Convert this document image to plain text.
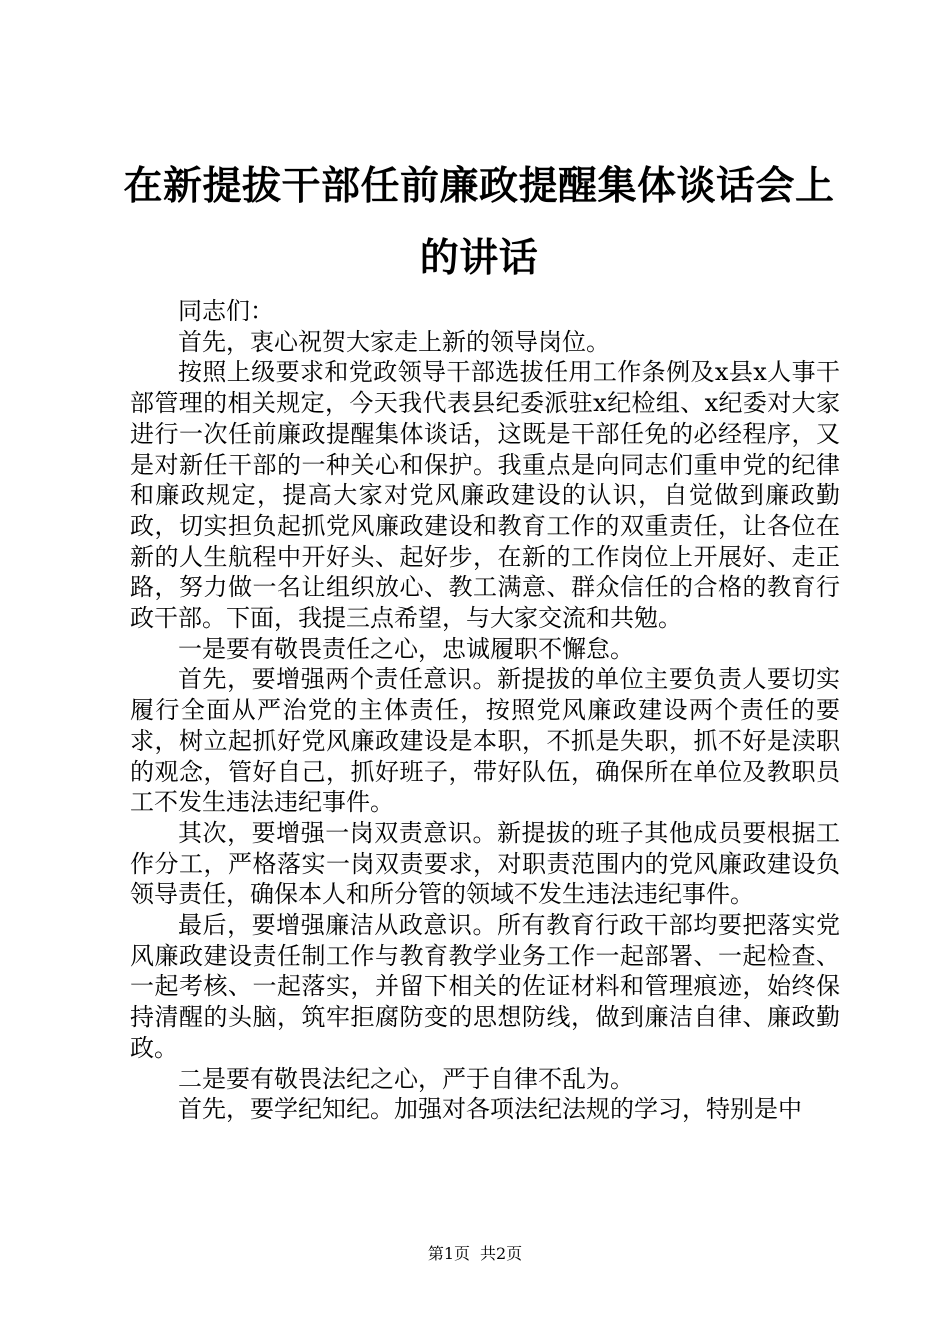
在新提拔干部任前廉政提醒集体谈话会上的讲话

同志们：

首先，衷心祝贺大家走上新的领导岗位。

按照上级要求和党政领导干部选拔任用工作条例及x县x人事干部管理的相关规定，今天我代表县纪委派驻x纪检组、x纪委对大家进行一次任前廉政提醒集体谈话，这既是干部任免的必经程序，又是对新任干部的一种关心和保护。我重点是向同志们重申党的纪律和廉政规定，提高大家对党风廉政建设的认识，自觉做到廉政勤政，切实担负起抓党风廉政建设和教育工作的双重责任，让各位在新的人生航程中开好头、起好步，在新的工作岗位上开展好、走正路，努力做一名让组织放心、教工满意、群众信任的合格的教育行政干部。下面，我提三点希望，与大家交流和共勉。

一是要有敬畏责任之心，忠诚履职不懈怠。

首先，要增强两个责任意识。新提拔的单位主要负责人要切实履行全面从严治党的主体责任，按照党风廉政建设两个责任的要求，树立起抓好党风廉政建设是本职，不抓是失职，抓不好是渎职的观念，管好自己，抓好班子，带好队伍，确保所在单位及教职员工不发生违法违纪事件。

其次，要增强一岗双责意识。新提拔的班子其他成员要根据工作分工，严格落实一岗双责要求，对职责范围内的党风廉政建设负领导责任，确保本人和所分管的领域不发生违法违纪事件。

最后，要增强廉洁从政意识。所有教育行政干部均要把落实党风廉政建设责任制工作与教育教学业务工作一起部署、一起检查、一起考核、一起落实，并留下相关的佐证材料和管理痕迹，始终保持清醒的头脑，筑牢拒腐防变的思想防线，做到廉洁自律、廉政勤政。

二是要有敬畏法纪之心，严于自律不乱为。

首先，要学纪知纪。加强对各项法纪法规的学习，特别是中

第1页 共2页
